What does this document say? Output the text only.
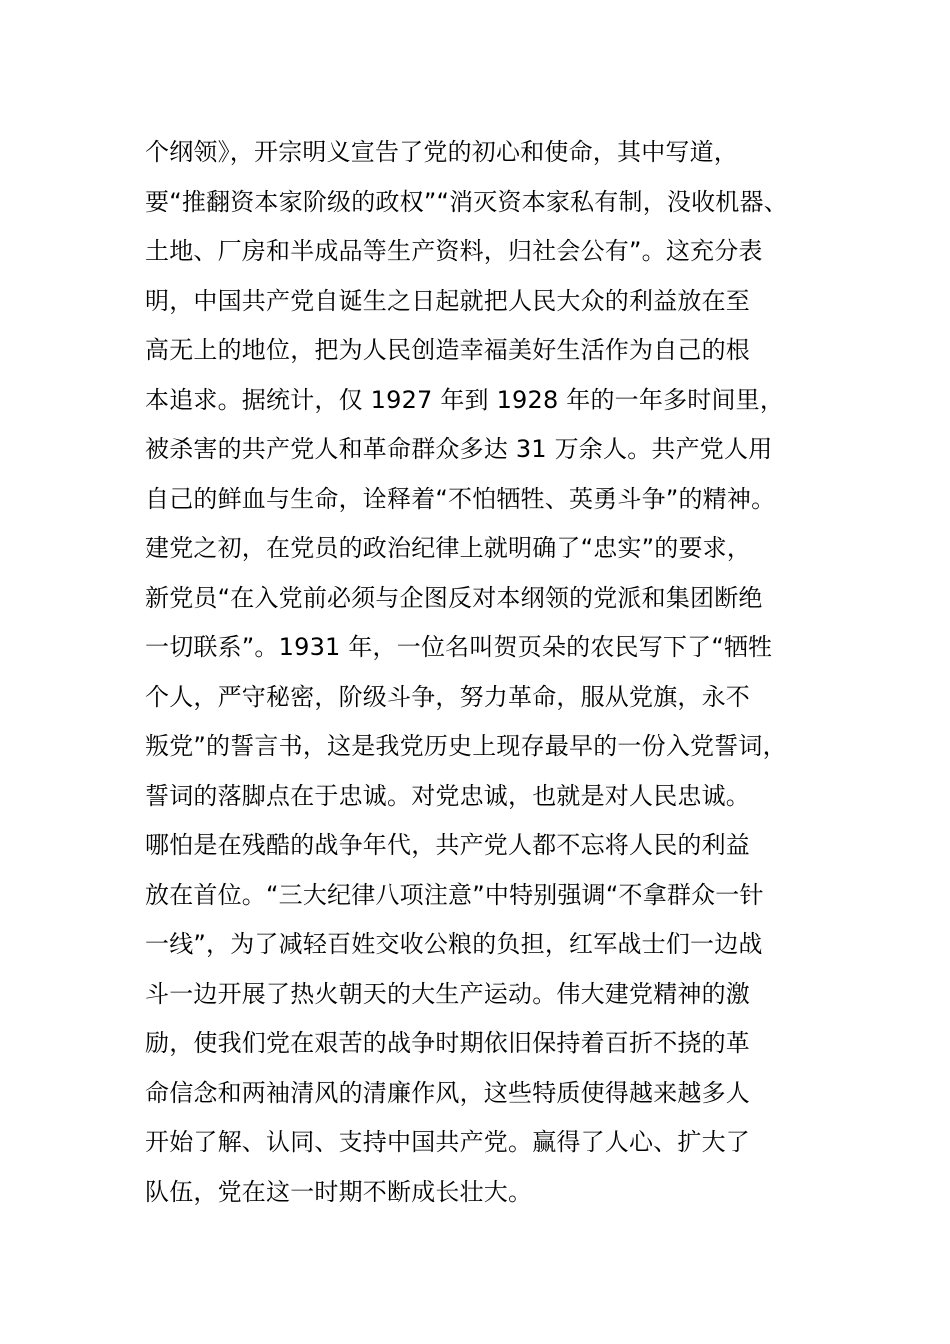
个纲领》，开宗明义宣告了党的初心和使命，其中写道，
要“推翻资本家阶级的政权”“消灭资本家私有制，没收机器、
土地、厂房和半成品等生产资料，归社会公有”。这充分表
明，中国共产党自诞生之日起就把人民大众的利益放在至
高无上的地位，把为人民创造幸福美好生活作为自己的根
本追求。据统计，仅 1927 年到 1928 年的一年多时间里，
被杀害的共产党人和革命群众多达 31 万余人。共产党人用
自己的鲜血与生命，诠释着“不怕牺牲、英勇斗争”的精神。
建党之初，在党员的政治纪律上就明确了“忠实”的要求，
新党员“在入党前必须与企图反对本纲领的党派和集团断绝
一切联系”。1931 年，一位名叫贺页朵的农民写下了“牺牲
个人，严守秘密，阶级斗争，努力革命，服从党旗，永不
叛党”的誓言书，这是我党历史上现存最早的一份入党誓词，
誓词的落脚点在于忠诚。对党忠诚，也就是对人民忠诚。
哪怕是在残酷的战争年代，共产党人都不忘将人民的利益
放在首位。“三大纪律八项注意”中特别强调“不拿群众一针
一线”，为了减轻百姓交收公粮的负担，红军战士们一边战
斗一边开展了热火朝天的大生产运动。伟大建党精神的激
励，使我们党在艰苦的战争时期依旧保持着百折不挠的革
命信念和两袖清风的清廉作风，这些特质使得越来越多人
开始了解、认同、支持中国共产党。赢得了人心、扩大了
队伍，党在这一时期不断成长壮大。
